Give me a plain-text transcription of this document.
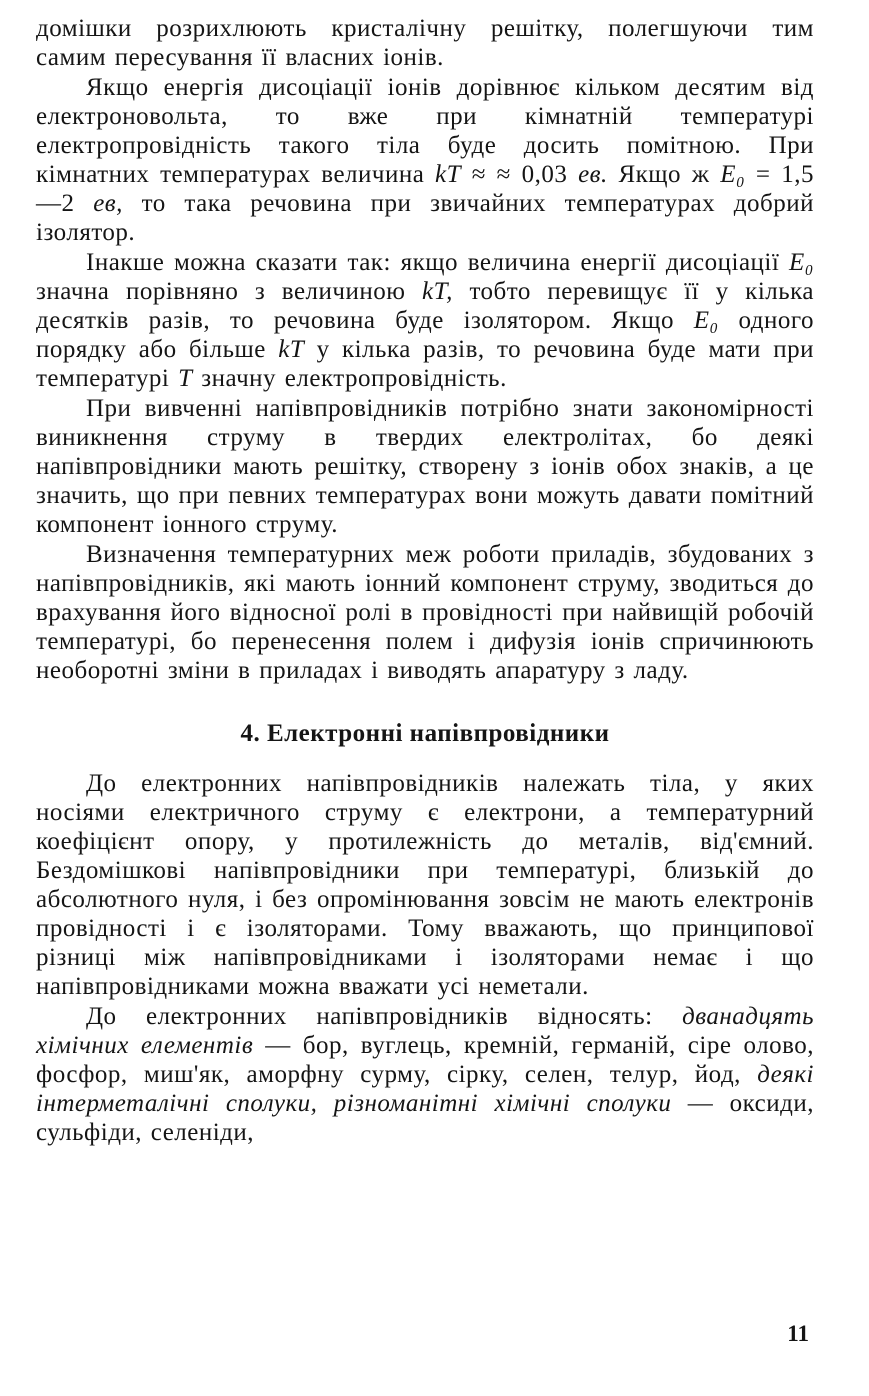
домішки розрихлюють кристалічну решітку, полегшуючи тим самим пересування її власних іонів.

Якщо енергія дисоціації іонів дорівнює кільком десятим від електроновольта, то вже при кімнатній температурі електропровідність такого тіла буде досить помітною. При кімнатних температурах величина kT ≈ ≈ 0,03 ев. Якщо ж E₀ = 1,5—2 ев, то така речовина при звичайних температурах добрий ізолятор.

Інакше можна сказати так: якщо величина енергії дисоціації E₀ значна порівняно з величиною kT, тобто перевищує її у кілька десятків разів, то речовина буде ізолятором. Якщо E₀ одного порядку або більше kT у кілька разів, то речовина буде мати при температурі T значну електропровідність.

При вивченні напівпровідників потрібно знати закономірності виникнення струму в твердих електролітах, бо деякі напівпровідники мають решітку, створену з іонів обох знаків, а це значить, що при певних температурах вони можуть давати помітний компонент іонного струму.

Визначення температурних меж роботи приладів, збудованих з напівпровідників, які мають іонний компонент струму, зводиться до врахування його відносної ролі в провідності при найвищій робочій температурі, бо перенесення полем і дифузія іонів спричинюють необоротні зміни в приладах і виводять апаратуру з ладу.

4. Електронні напівпровідники

До електронних напівпровідників належать тіла, у яких носіями електричного струму є електрони, а температурний коефіцієнт опору, у протилежність до металів, від'ємний. Бездомішкові напівпровідники при температурі, близькій до абсолютного нуля, і без опромінювання зовсім не мають електронів провідності і є ізоляторами. Тому вважають, що принципової різниці між напівпровідниками і ізоляторами немає і що напівпровідниками можна вважати усі неметали.

До електронних напівпровідників відносять: дванадцять хімічних елементів — бор, вуглець, кремній, германій, сіре олово, фосфор, миш'як, аморфну сурму, сірку, селен, телур, йод, деякі інтерметалічні сполуки, різноманітні хімічні сполуки — оксиди, сульфіди, селеніди,

11
